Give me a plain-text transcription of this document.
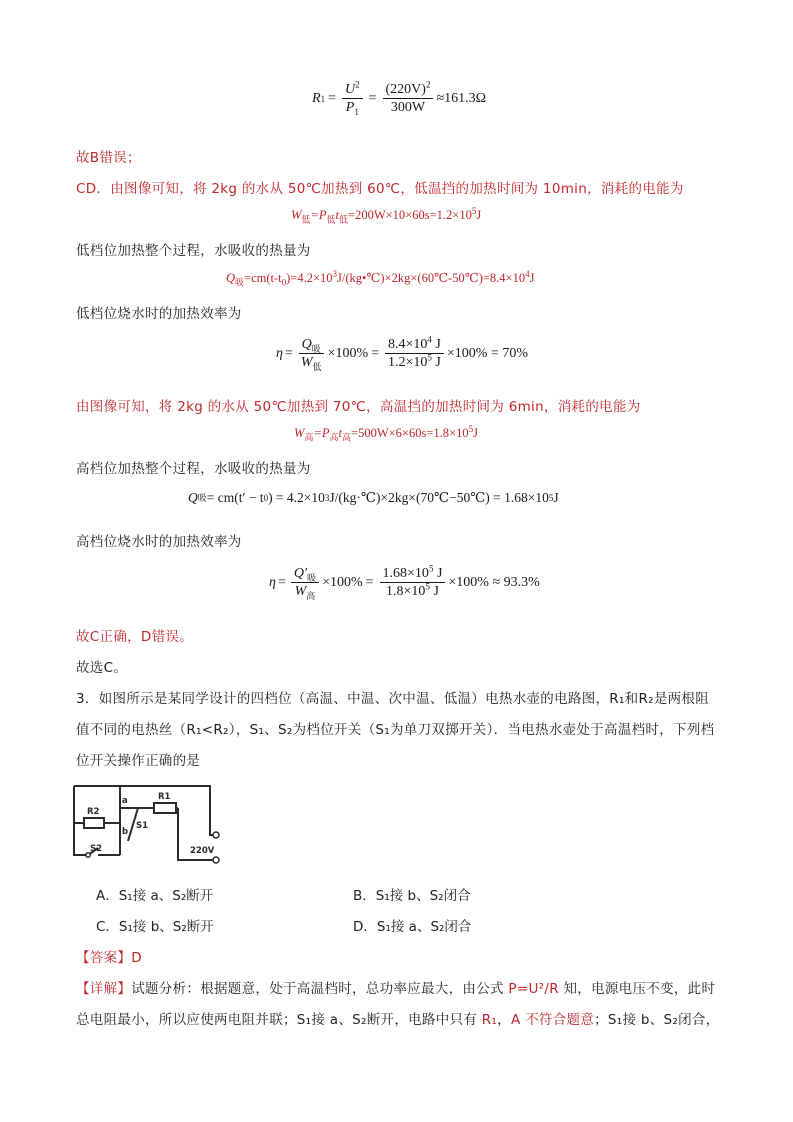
R $1 = \frac{U^2}{P_1} = \frac{(220V)^2}{300W} \approx 161.3\Omega$
故B错误；
CD．由图像可知，将 2kg 的水从 50℃加热到 60℃，低温挡的加热时间为 10min，消耗的电能为
$W_低=P_低t_低=200W\times 10\times 60s=1.2\times 10^5J$
低档位加热整个过程，水吸收的热量为
$Q_吸=cm(t-t_0)=4.2\times 10^3J/(kg•℃)\times 2kg\times(60℃-50℃)=8.4\times 10^4J$
低档位烧水时的加热效率为
$\eta = \frac{Q_吸}{W_低} \times 100\% = \frac{8.4\times 10^4 J}{1.2\times 10^5 J} \times 100\% = 70\%$
由图像可知，将 2kg 的水从 50℃加热到 70℃，高温挡的加热时间为 6min，消耗的电能为
$W_高=P_高t_高=500W\times 6\times 60s=1.8\times 10^5J$
高档位加热整个过程，水吸收的热量为
Q 吸 = cm(t′ − t 0 ) = 4.2×10 3 J/(kg·℃)×2kg×(70℃−50℃) = 1.68×10 5 J
高档位烧水时的加热效率为
$\eta = \frac{Q'_吸}{W_高} \times 100\% = \frac{1.68\times 10^5 J}{1.8\times 10^5 J} \times 100\% \approx 93.3\%$
故C正确，D错误。
故选C。
3．如图所示是某同学设计的四档位（高温、中温、次中温、低温）电热水壶的电路图，R₁和R₂是两根阻
值不同的电热丝（R₁<R₂），S₁、S₂为档位开关（S₁为单刀双掷开关）．当电热水壶处于高温档时，下列档
位开关操作正确的是
R2
R1
a
b
S1
S2	220V
A．S₁接 a、S₂断开	B．S₁接 b、S₂闭合
C．S₁接 b、S₂断开	D．S₁接 a、S₂闭合
【答案】D
【详解】试题分析：根据题意，处于高温档时，总功率应最大，由公式 P=U²/R 知，电源电压不变，此时
总电阻最小，所以应使两电阻并联；S₁接 a、S₂断开，电路中只有 R₁，A 不符合题意；S₁接 b、S₂闭合，
